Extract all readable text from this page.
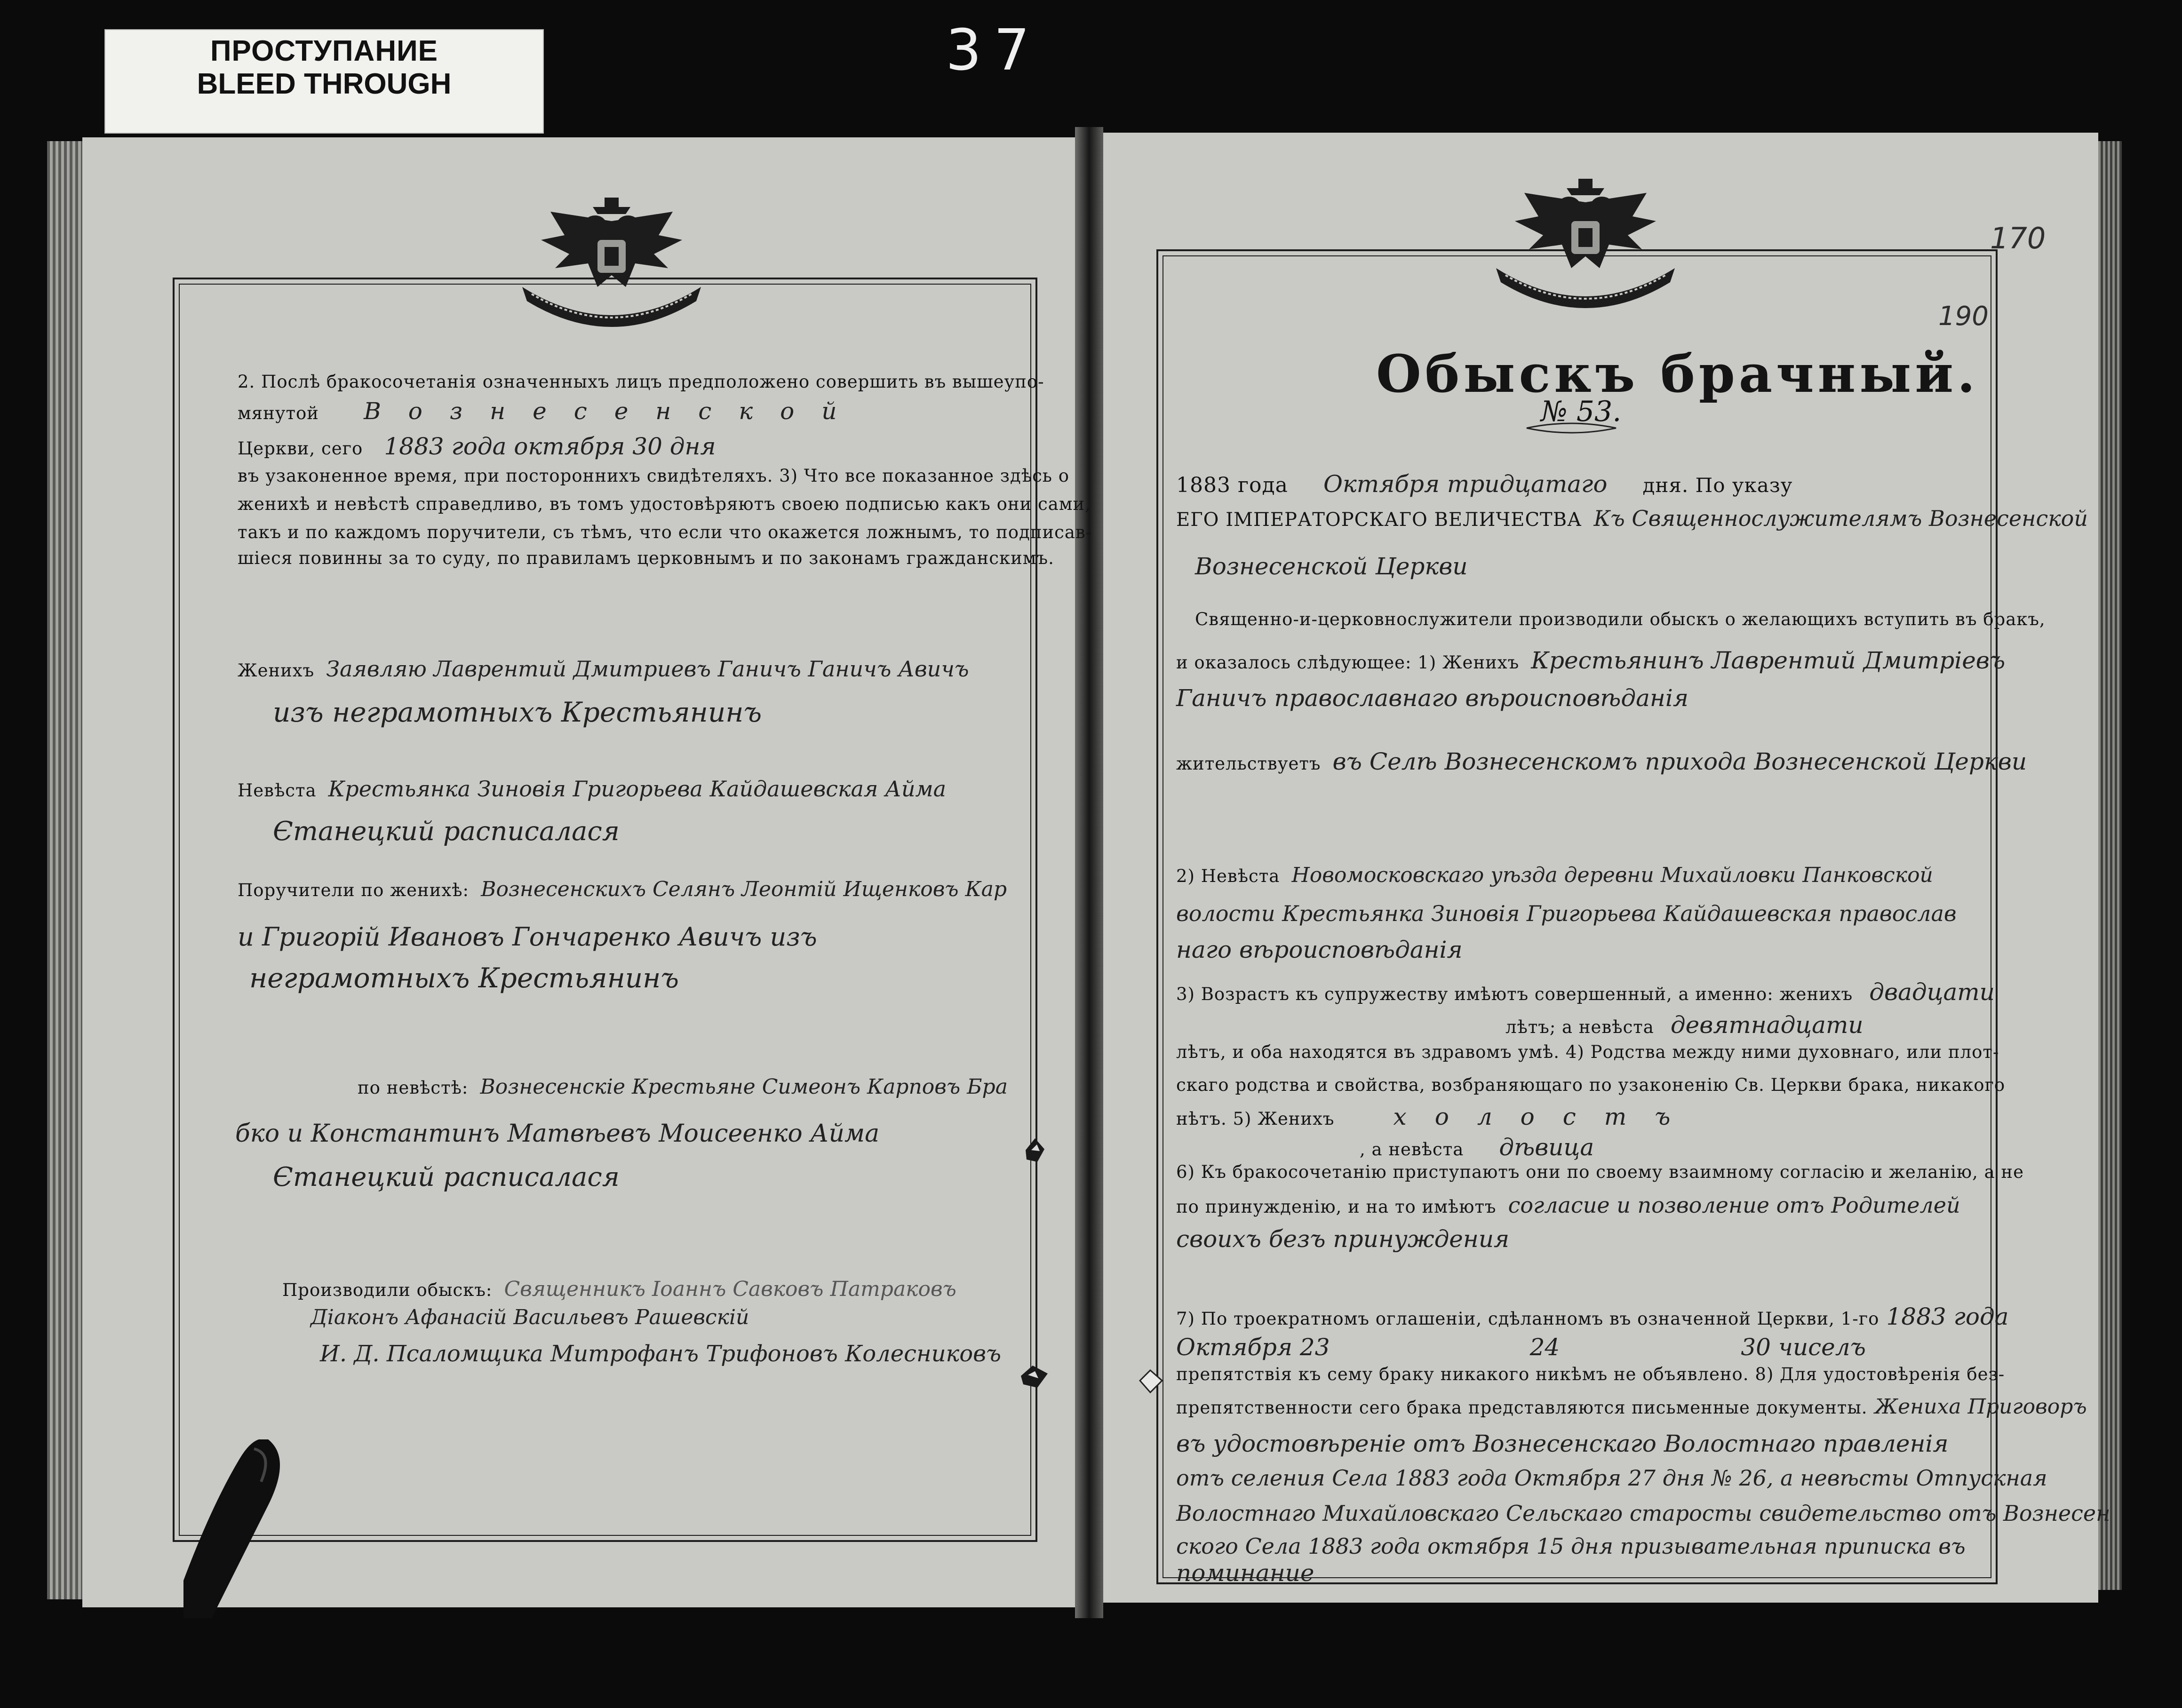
ПРОСТУПАНИЕ
BLEED THROUGH
37
170
190
Обыскъ брачный.
№ 53.
1883 года Октября тридцатаго дня. По указу
ЕГО ІМПЕРАТОРСКАГО ВЕЛИЧЕСТВА Къ Священнослужителямъ Вознесенской
Вознесенской Церкви
Священно-и-церковнослужители производили обыскъ о желающихъ вступить въ бракъ,
и оказалось слѣдующее: 1) Женихъ Крестьянинъ Лаврентий Дмитріевъ
Ганичъ православнаго вѣроисповѣданія
жительствуетъ въ Селѣ Вознесенскомъ прихода Вознесенской Церкви
2) Невѣста Новомосковскаго уѣзда деревни Михайловки Панковской
волости Крестьянка Зиновія Григорьева Кайдашевская православ
наго вѣроисповѣданія
3) Возрастъ къ супружеству имѣютъ совершенный, а именно: женихъ двадцати
лѣтъ; а невѣста девятнадцати
лѣтъ, и оба находятся въ здравомъ умѣ. 4) Родства между ними духовнаго, или плот-
скаго родства и свойства, возбраняющаго по узаконенію Св. Церкви брака, никакого
нѣтъ. 5) Женихъ	холостъ
, а невѣста дѣвица
6) Къ бракосочетанію приступаютъ они по своему взаимному согласію и желанію, а не
по принужденію, и на то имѣютъ согласие и позволение отъ Родителей
своихъ безъ принуждения
7) По троекратномъ оглашеніи, сдѣланномъ въ означенной Церкви, 1-го 1883 года
Октября 23	24	30 чиселъ
препятствія къ сему браку никакого никѣмъ не объявлено. 8) Для удостовѣренія без-
препятственности сего брака представляются письменные документы. Жениха Приговоръ
въ удостовѣреніе отъ Вознесенскаго Волостнаго правленія
отъ селения Села 1883 года Октября 27 дня № 26, а невѣсты Отпускная
Волостнаго Михайловскаго Сельскаго старосты свидетельство отъ Вознесен
ского Села 1883 года октября 15 дня призывательная приписка въ
поминание
2. Послѣ бракосочетанія означенныхъ лицъ предположено совершить въ вышеупо-
мянутой Вознесенской
Церкви, сего 1883 года октября 30 дня
въ узаконенное время, при постороннихъ свидѣтеляхъ. 3) Что все показанное здѣсь о
женихѣ и невѣстѣ справедливо, въ томъ удостовѣряютъ своею подписью какъ они сами,
такъ и по каждомъ поручители, съ тѣмъ, что если что окажется ложнымъ, то подписав-
шіеся повинны за то суду, по правиламъ церковнымъ и по законамъ гражданскимъ.
Женихъ Заявляю Лаврентий Дмитриевъ Ганичъ Ганичъ Авичъ
изъ неграмотныхъ Крестьянинъ
Невѣста Крестьянка Зиновія Григорьева Кайдашевская Айма
Єтанецкий расписалася
Поручители по женихѣ: Вознесенскихъ Селянъ Леонтій Ищенковъ Кар
и Григорій Ивановъ Гончаренко Авичъ изъ
неграмотныхъ Крестьянинъ
по невѣстѣ: Вознесенскіе Крестьяне Симеонъ Карповъ Бра
бко и Константинъ Матвѣевъ Моисеенко Айма
Єтанецкий расписалася
Производили обыскъ: Священникъ Іоаннъ Савковъ Патраковъ
Діаконъ Афанасій Васильевъ Рашевскій
И. Д. Псаломщика Митрофанъ Трифоновъ Колесниковъ
